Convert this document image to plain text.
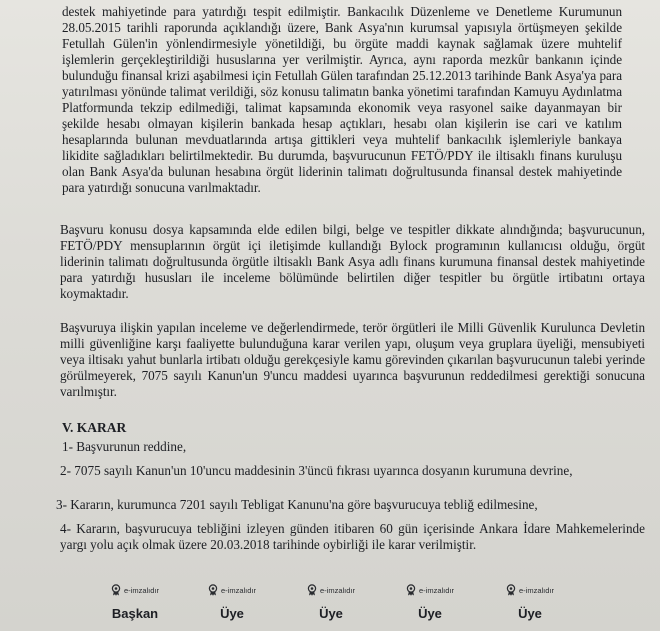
destek mahiyetinde para yatırdığı tespit edilmiştir. Bankacılık Düzenleme ve Denetleme Kurumunun 28.05.2015 tarihli raporunda açıklandığı üzere, Bank Asya'nın kurumsal yapısıyla örtüşmeyen şekilde Fetullah Gülen'in yönlendirmesiyle yönetildiği, bu örgüte maddi kaynak sağlamak üzere muhtelif işlemlerin gerçekleştirildiği hususlarına yer verilmiştir. Ayrıca, aynı raporda mezkûr bankanın içinde bulunduğu finansal krizi aşabilmesi için Fetullah Gülen tarafından 25.12.2013 tarihinde Bank Asya'ya para yatırılması yönünde talimat verildiği, söz konusu talimatın banka yönetimi tarafından Kamuyu Aydınlatma Platformunda tekzip edilmediği, talimat kapsamında ekonomik veya rasyonel saike dayanmayan bir şekilde hesabı olmayan kişilerin bankada hesap açtıkları, hesabı olan kişilerin ise cari ve katılım hesaplarında bulunan mevduatlarında artışa gittikleri veya muhtelif bankacılık işlemleriyle bankaya likidite sağladıkları belirtilmektedir. Bu durumda, başvurucunun FETÖ/PDY ile iltisaklı finans kuruluşu olan Bank Asya'da bulunan hesabına örgüt liderinin talimatı doğrultusunda finansal destek mahiyetinde para yatırdığı sonucuna varılmaktadır.

Başvuru konusu dosya kapsamında elde edilen bilgi, belge ve tespitler dikkate alındığında; başvurucunun, FETÖ/PDY mensuplarının örgüt içi iletişimde kullandığı Bylock programının kullanıcısı olduğu, örgüt liderinin talimatı doğrultusunda örgütle iltisaklı Bank Asya adlı finans kurumuna finansal destek mahiyetinde para yatırdığı hususları ile inceleme bölümünde belirtilen diğer tespitler bu örgütle irtibatını ortaya koymaktadır.

Başvuruya ilişkin yapılan inceleme ve değerlendirmede, terör örgütleri ile Milli Güvenlik Kurulunca Devletin milli güvenliğine karşı faaliyette bulunduğuna karar verilen yapı, oluşum veya gruplara üyeliği, mensubiyeti veya iltisakı yahut bunlarla irtibatı olduğu gerekçesiyle kamu görevinden çıkarılan başvurucunun talebi yerinde görülmeyerek, 7075 sayılı Kanun'un 9'uncu maddesi uyarınca başvurunun reddedilmesi gerektiği sonucuna varılmıştır.

V. KARAR

1- Başvurunun reddine,

2- 7075 sayılı Kanun'un 10'uncu maddesinin 3'üncü fıkrası uyarınca dosyanın kurumuna devrine,

3- Kararın, kurumunca 7201 sayılı Tebligat Kanunu'na göre başvurucuya tebliğ edilmesine,

4- Kararın, başvurucuya tebliğini izleyen günden itibaren 60 gün içerisinde Ankara İdare Mahkemelerinde yargı yolu açık olmak üzere 20.03.2018 tarihinde oybirliği ile karar verilmiştir.

e-imzalıdır
Başkan
e-imzalıdır
Üye
e-imzalıdır
Üye
e-imzalıdır
Üye
e-imzalıdır
Üye
